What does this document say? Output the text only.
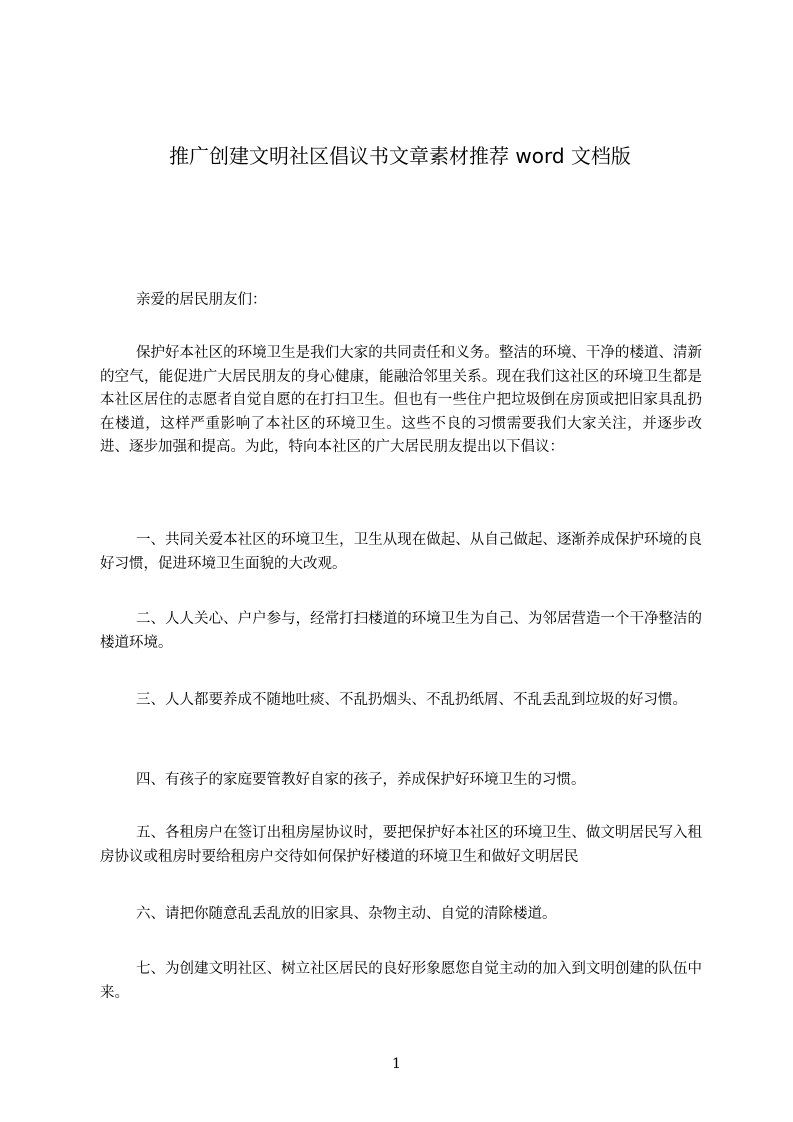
推广创建文明社区倡议书文章素材推荐 word 文档版
亲爱的居民朋友们：
保护好本社区的环境卫生是我们大家的共同责任和义务。整洁的环境、干净的楼道、清新的空气，能促进广大居民朋友的身心健康，能融洽邻里关系。现在我们这社区的环境卫生都是本社区居住的志愿者自觉自愿的在打扫卫生。但也有一些住户把垃圾倒在房顶或把旧家具乱扔在楼道，这样严重影响了本社区的环境卫生。这些不良的习惯需要我们大家关注，并逐步改进、逐步加强和提高。为此，特向本社区的广大居民朋友提出以下倡议：
一、共同关爱本社区的环境卫生，卫生从现在做起、从自己做起、逐渐养成保护环境的良好习惯，促进环境卫生面貌的大改观。
二、人人关心、户户参与，经常打扫楼道的环境卫生为自己、为邻居营造一个干净整洁的楼道环境。
三、人人都要养成不随地吐痰、不乱扔烟头、不乱扔纸屑、不乱丢乱到垃圾的好习惯。
四、有孩子的家庭要管教好自家的孩子，养成保护好环境卫生的习惯。
五、各租房户在签订出租房屋协议时，要把保护好本社区的环境卫生、做文明居民写入租房协议或租房时要给租房户交待如何保护好楼道的环境卫生和做好文明居民
六、请把你随意乱丢乱放的旧家具、杂物主动、自觉的清除楼道。
七、为创建文明社区、树立社区居民的良好形象愿您自觉主动的加入到文明创建的队伍中来。
1
